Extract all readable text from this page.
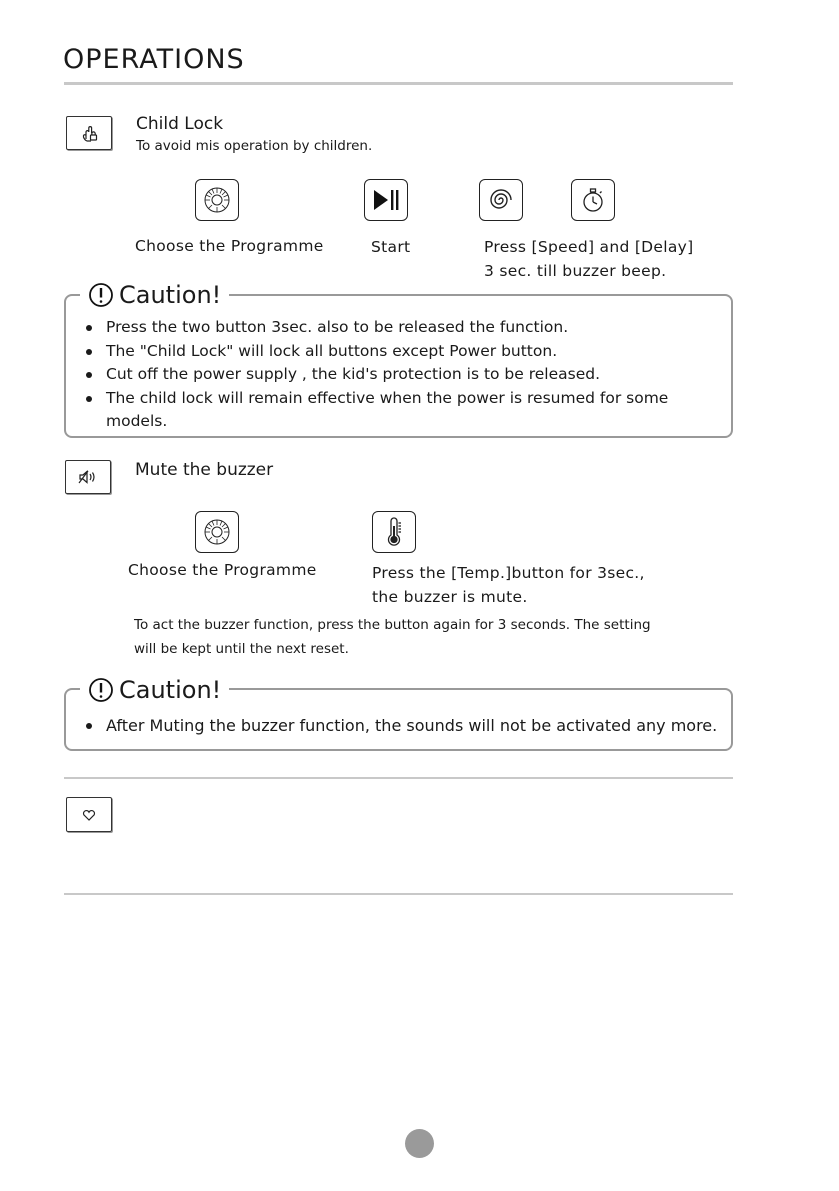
OPERATIONS
Child Lock
To avoid mis operation by children.
Choose the Programme	Start	Press [Speed] and [Delay]
3 sec. till buzzer beep.
Press the two button 3sec. also to be released the function.
The "Child Lock" will lock all buttons except Power button.
Cut off the power supply , the kid's protection is to be released.
The child lock will remain effective when the power is resumed for some models.
Caution!
Mute the buzzer
Choose the Programme	Press the [Temp.]button for 3sec.,
the buzzer is mute.
To act the buzzer function, press the button again for 3 seconds. The setting
will be kept until the next reset.
After Muting the buzzer function, the sounds will not be activated any more.
Caution!
